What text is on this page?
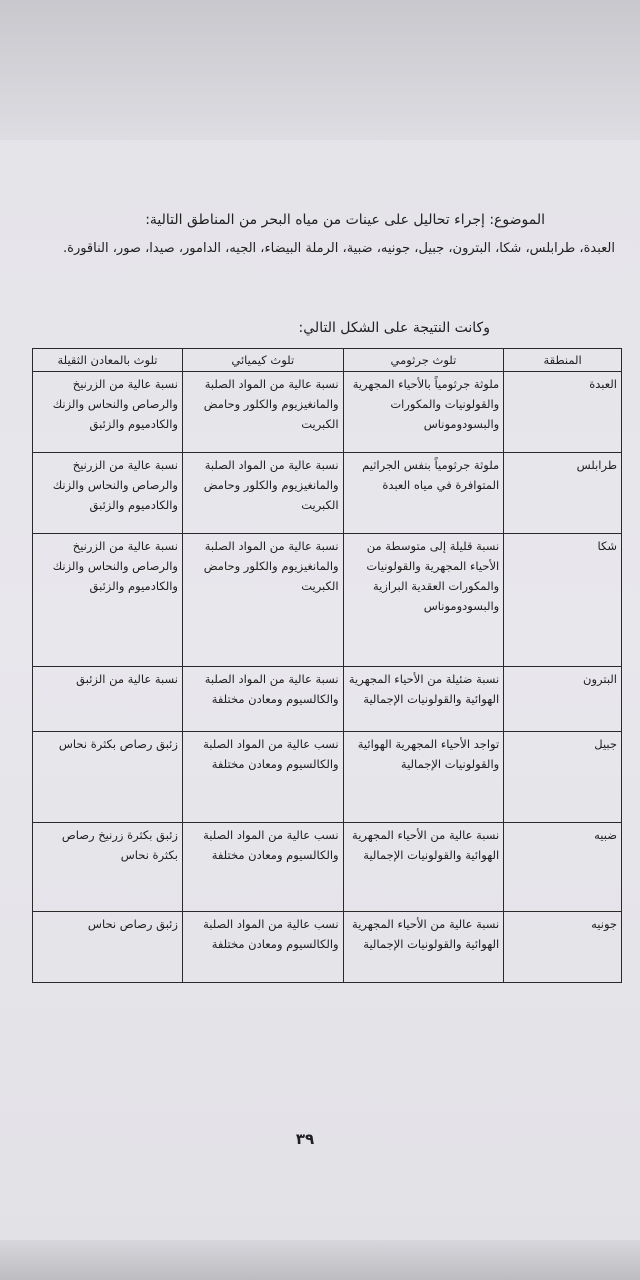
الموضوع: إجراء تحاليل على عينات من مياه البحر من المناطق التالية:
العبدة، طرابلس، شكا، البترون، جبيل، جونيه، ضبية، الرملة البيضاء، الجيه، الدامور، صيدا، صور، الناقورة.
وكانت النتيجة على الشكل التالي:
المنطقة	تلوث جرثومي	تلوث كيميائي	تلوث بالمعادن الثقيلة
العبدة	ملوثة جرثومياً بالأحياء المجهرية والقولونيات والمكورات والبسودوموناس	نسبة عالية من المواد الصلبة والمانغيزيوم والكلور وحامض الكبريت	نسبة عالية من الزرنيخ والرصاص والنحاس والزنك والكادميوم والزئبق
طرابلس	ملوثة جرثومياً بنفس الجراثيم المتوافرة في مياه العبدة	نسبة عالية من المواد الصلبة والمانغيزيوم والكلور وحامض الكبريت	نسبة عالية من الزرنيخ والرصاص والنحاس والزنك والكادميوم والزئبق
شكا	نسبة قليلة إلى متوسطة من الأحياء المجهرية والقولونيات والمكورات العقدية البرازية والبسودوموناس	نسبة عالية من المواد الصلبة والمانغيزيوم والكلور وحامض الكبريت	نسبة عالية من الزرنيخ والرصاص والنحاس والزنك والكادميوم والزئبق
البترون	نسبة ضئيلة من الأحياء المجهرية الهوائية والقولونيات الإجمالية	نسبة عالية من المواد الصلبة والكالسيوم ومعادن مختلفة	نسبة عالية من الزئبق
جبيل	تواجد الأحياء المجهرية الهوائية والقولونيات الإجمالية	نسب عالية من المواد الصلبة والكالسيوم ومعادن مختلفة	زئبق رصاص بكثرة نحاس
ضبيه	نسبة عالية من الأحياء المجهرية الهوائية والقولونيات الإجمالية	نسب عالية من المواد الصلبة والكالسيوم ومعادن مختلفة	زئبق بكثرة زرنيخ رصاص بكثرة نحاس
جونيه	نسبة عالية من الأحياء المجهرية الهوائية والقولونيات الإجمالية	نسب عالية من المواد الصلبة والكالسيوم ومعادن مختلفة	زئبق رصاص نحاس
٣٩
